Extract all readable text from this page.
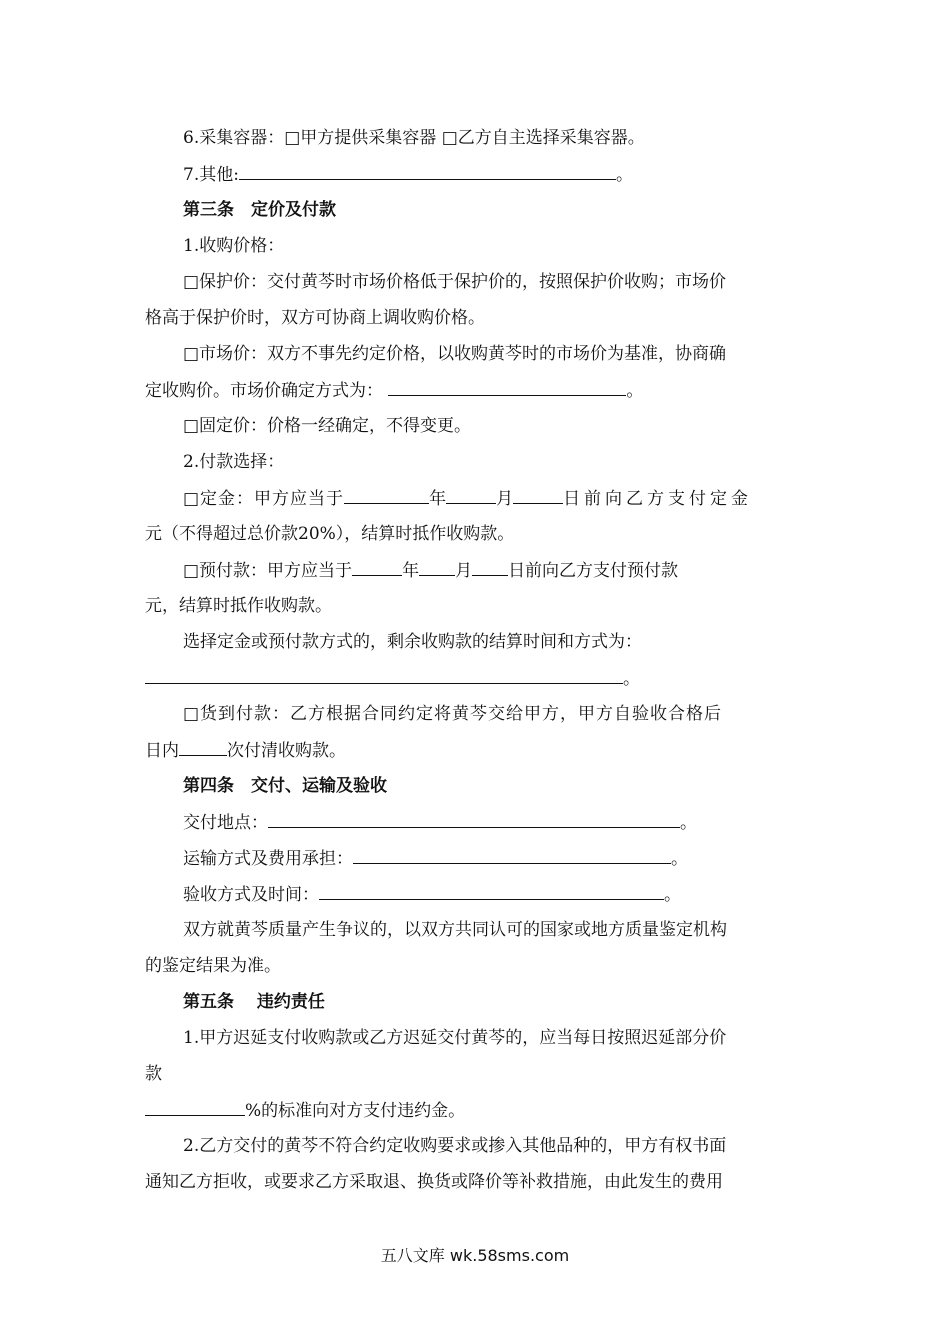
6.采集容器：□甲方提供采集容器 □乙方自主选择采集容器。
7.其他:	。
第三条　定价及付款
1.收购价格：
□保护价：交付黄芩时市场价格低于保护价的，按照保护价收购；市场价
格高于保护价时，双方可协商上调收购价格。
□市场价：双方不事先约定价格，以收购黄芩时的市场价为基准，协商确
定收购价。市场价确定方式为：	。
□固定价：价格一经确定，不得变更。
2.付款选择：
□定金：甲方应当于	年	月	日前向乙方支付定金
元（不得超过总价款20%），结算时抵作收购款。
□预付款：甲方应当于	年 月 日前向乙方支付预付款
元，结算时抵作收购款。
选择定金或预付款方式的，剩余收购款的结算时间和方式为：
。
□货到付款：乙方根据合同约定将黄芩交给甲方，甲方自验收合格后
日内	次付清收购款。
第四条　交付、运输及验收
交付地点：	。
运输方式及费用承担：	。
验收方式及时间：	。
双方就黄芩质量产生争议的，以双方共同认可的国家或地方质量鉴定机构
的鉴定结果为准。
第五条　 违约责任
1.甲方迟延支付收购款或乙方迟延交付黄芩的，应当每日按照迟延部分价
款
%的标准向对方支付违约金。
2.乙方交付的黄芩不符合约定收购要求或掺入其他品种的，甲方有权书面
通知乙方拒收，或要求乙方采取退、换货或降价等补救措施，由此发生的费用
五八文库 wk.58sms.com
